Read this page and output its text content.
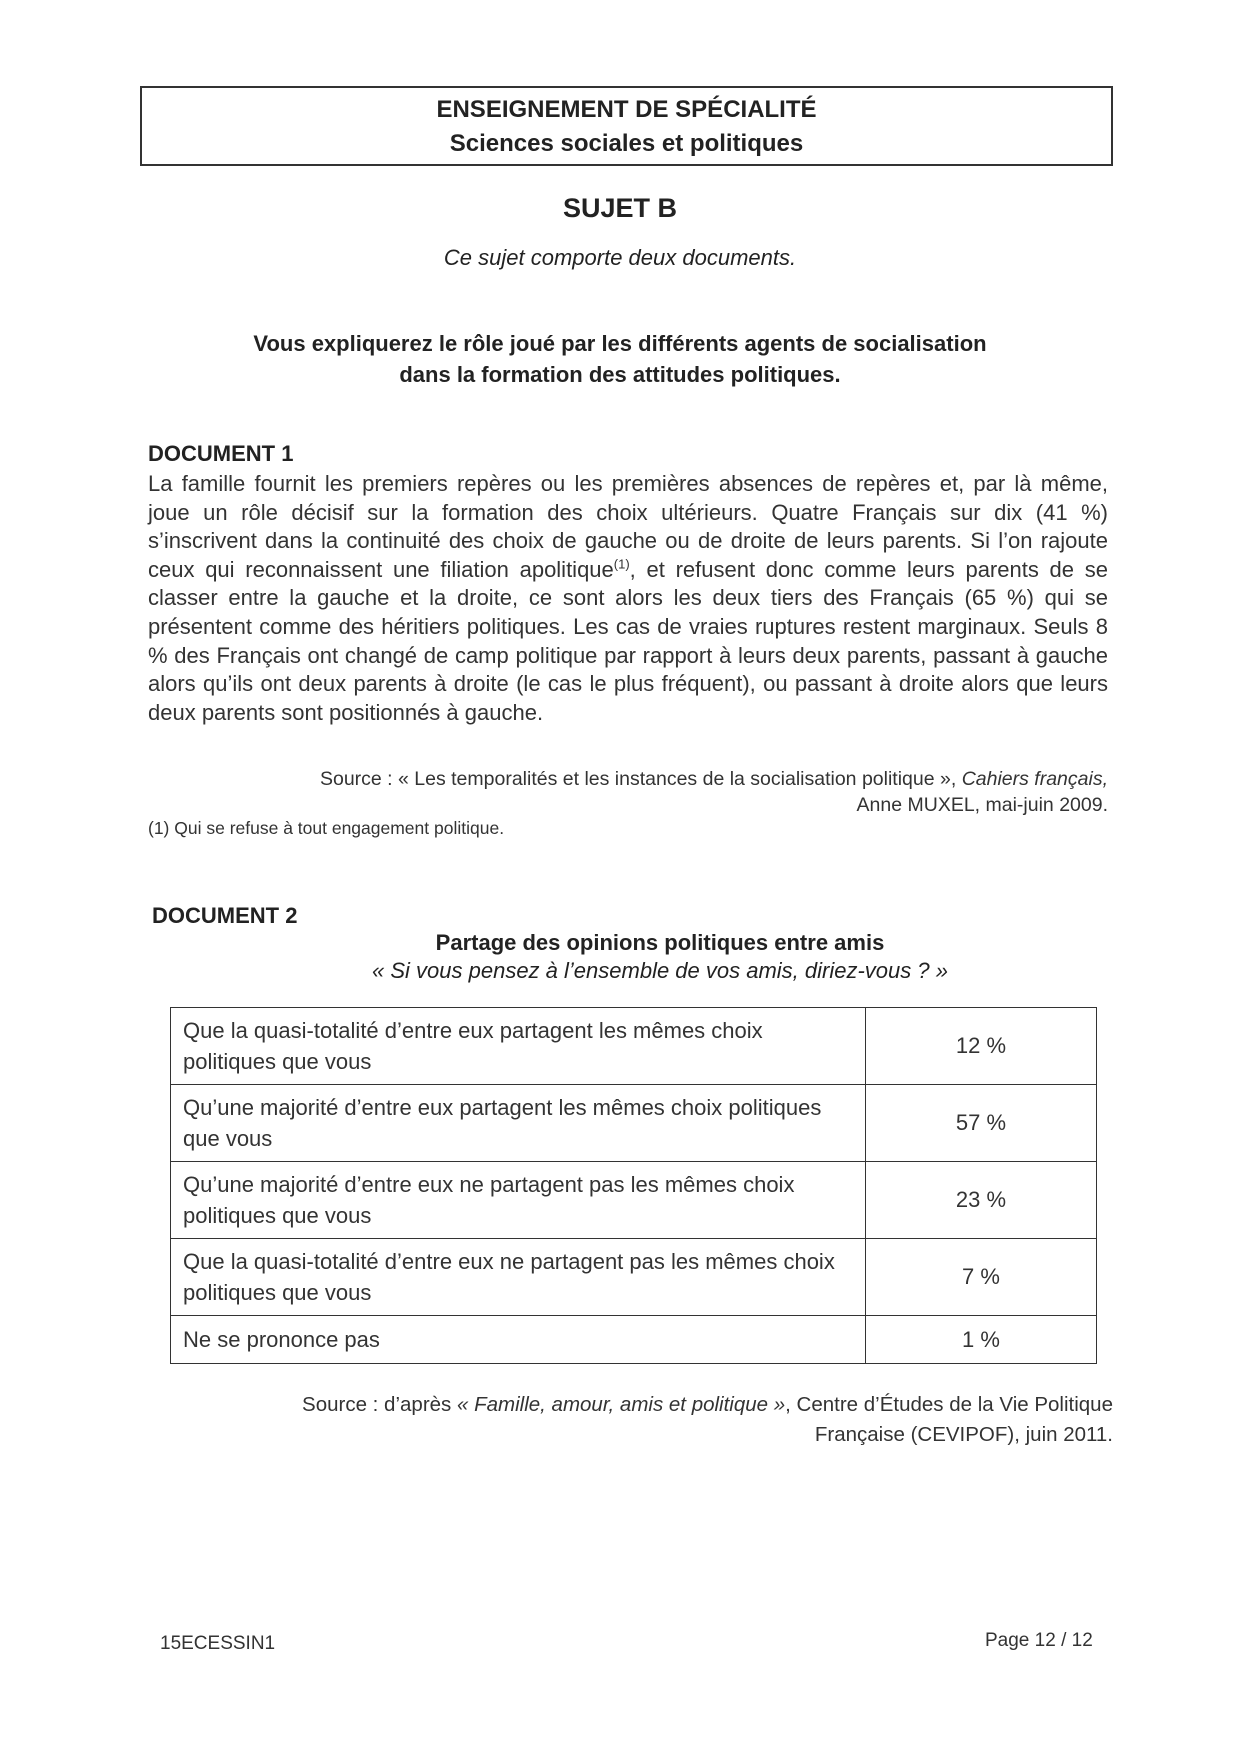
ENSEIGNEMENT DE SPÉCIALITÉ
Sciences sociales et politiques
SUJET B
Ce sujet comporte deux documents.
Vous expliquerez le rôle joué par les différents agents de socialisation
dans la formation des attitudes politiques.
DOCUMENT 1
La famille fournit les premiers repères ou les premières absences de repères et, par là même, joue un rôle décisif sur la formation des choix ultérieurs. Quatre Français sur dix (41 %) s’inscrivent dans la continuité des choix de gauche ou de droite de leurs parents. Si l’on rajoute ceux qui reconnaissent une filiation apolitique$^{(1)}$, et refusent donc comme leurs parents de se classer entre la gauche et la droite, ce sont alors les deux tiers des Français (65 %) qui se présentent comme des héritiers politiques. Les cas de vraies ruptures restent marginaux. Seuls 8 % des Français ont changé de camp politique par rapport à leurs deux parents, passant à gauche alors qu’ils ont deux parents à droite (le cas le plus fréquent), ou passant à droite alors que leurs deux parents sont positionnés à gauche.
Source : « Les temporalités et les instances de la socialisation politique », Cahiers français,
Anne MUXEL, mai-juin 2009.
(1) Qui se refuse à tout engagement politique.
DOCUMENT 2
Partage des opinions politiques entre amis
« Si vous pensez à l’ensemble de vos amis, diriez-vous ? »
Que la quasi-totalité d’entre eux partagent les mêmes choix politiques que vous	12 %
Qu’une majorité d’entre eux partagent les mêmes choix politiques que vous	57 %
Qu’une majorité d’entre eux ne partagent pas les mêmes choix politiques que vous	23 %
Que la quasi-totalité d’entre eux ne partagent pas les mêmes choix politiques que vous	7 %
Ne se prononce pas	1 %
Source : d’après « Famille, amour, amis et politique », Centre d’Études de la Vie Politique
Française (CEVIPOF), juin 2011.
15ECESSIN1	Page 12 / 12
